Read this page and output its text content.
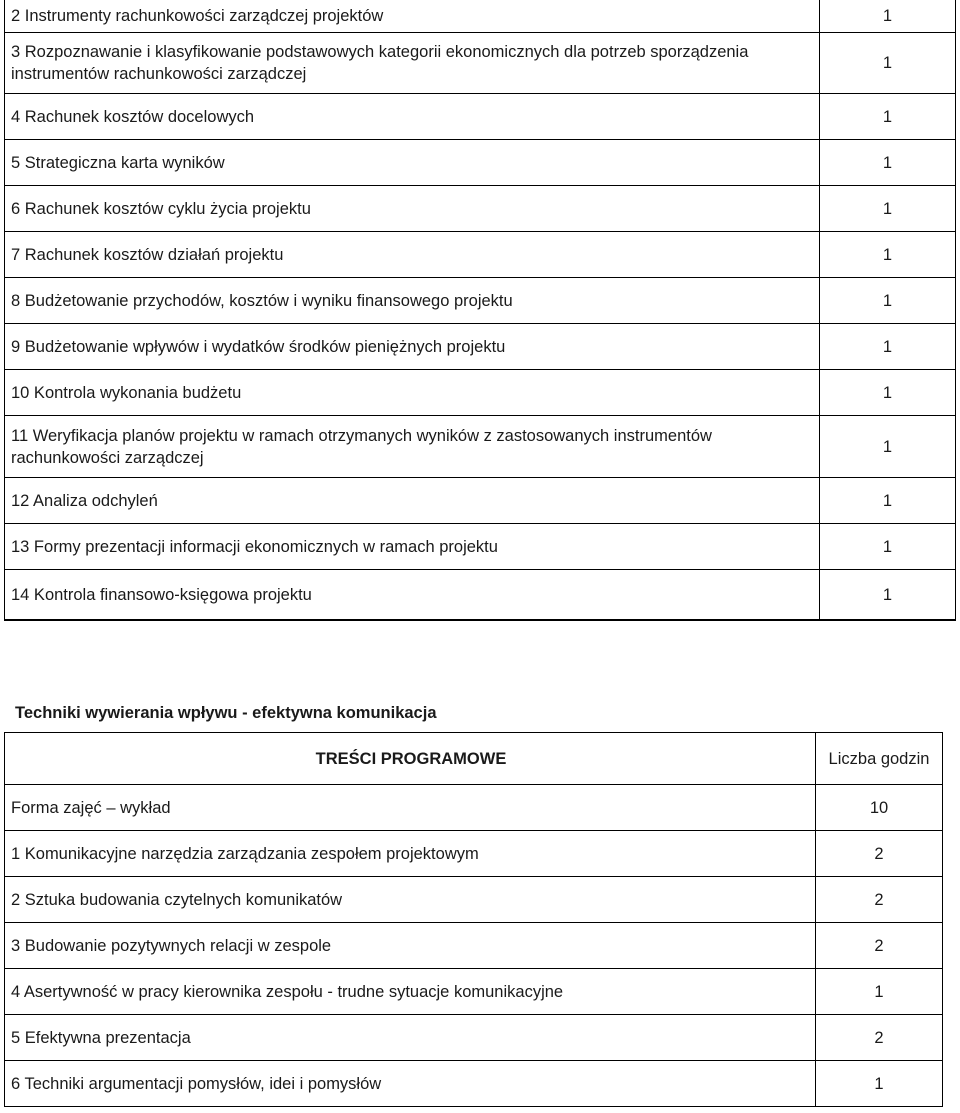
2 Instrumenty rachunkowości zarządczej projektów	1
3 Rozpoznawanie i klasyfikowanie podstawowych kategorii ekonomicznych dla potrzeb sporządzenia instrumentów rachunkowości zarządczej	1
4 Rachunek kosztów docelowych	1
5 Strategiczna karta wyników	1
6 Rachunek kosztów cyklu życia projektu	1
7 Rachunek kosztów działań projektu	1
8 Budżetowanie przychodów, kosztów i wyniku finansowego projektu	1
9 Budżetowanie wpływów i wydatków środków pieniężnych projektu	1
10 Kontrola wykonania budżetu	1
11 Weryfikacja planów projektu w ramach otrzymanych wyników z zastosowanych instrumentów rachunkowości zarządczej	1
12 Analiza odchyleń	1
13 Formy prezentacji informacji ekonomicznych w ramach projektu	1
14 Kontrola finansowo-księgowa projektu	1
Techniki wywierania wpływu - efektywna komunikacja
TREŚCI PROGRAMOWE	Liczba godzin
Forma zajęć – wykład	10
1 Komunikacyjne narzędzia zarządzania zespołem projektowym	2
2 Sztuka budowania czytelnych komunikatów	2
3 Budowanie pozytywnych relacji w zespole	2
4 Asertywność w pracy kierownika zespołu - trudne sytuacje komunikacyjne	1
5 Efektywna prezentacja	2
6 Techniki argumentacji pomysłów, idei i pomysłów	1
